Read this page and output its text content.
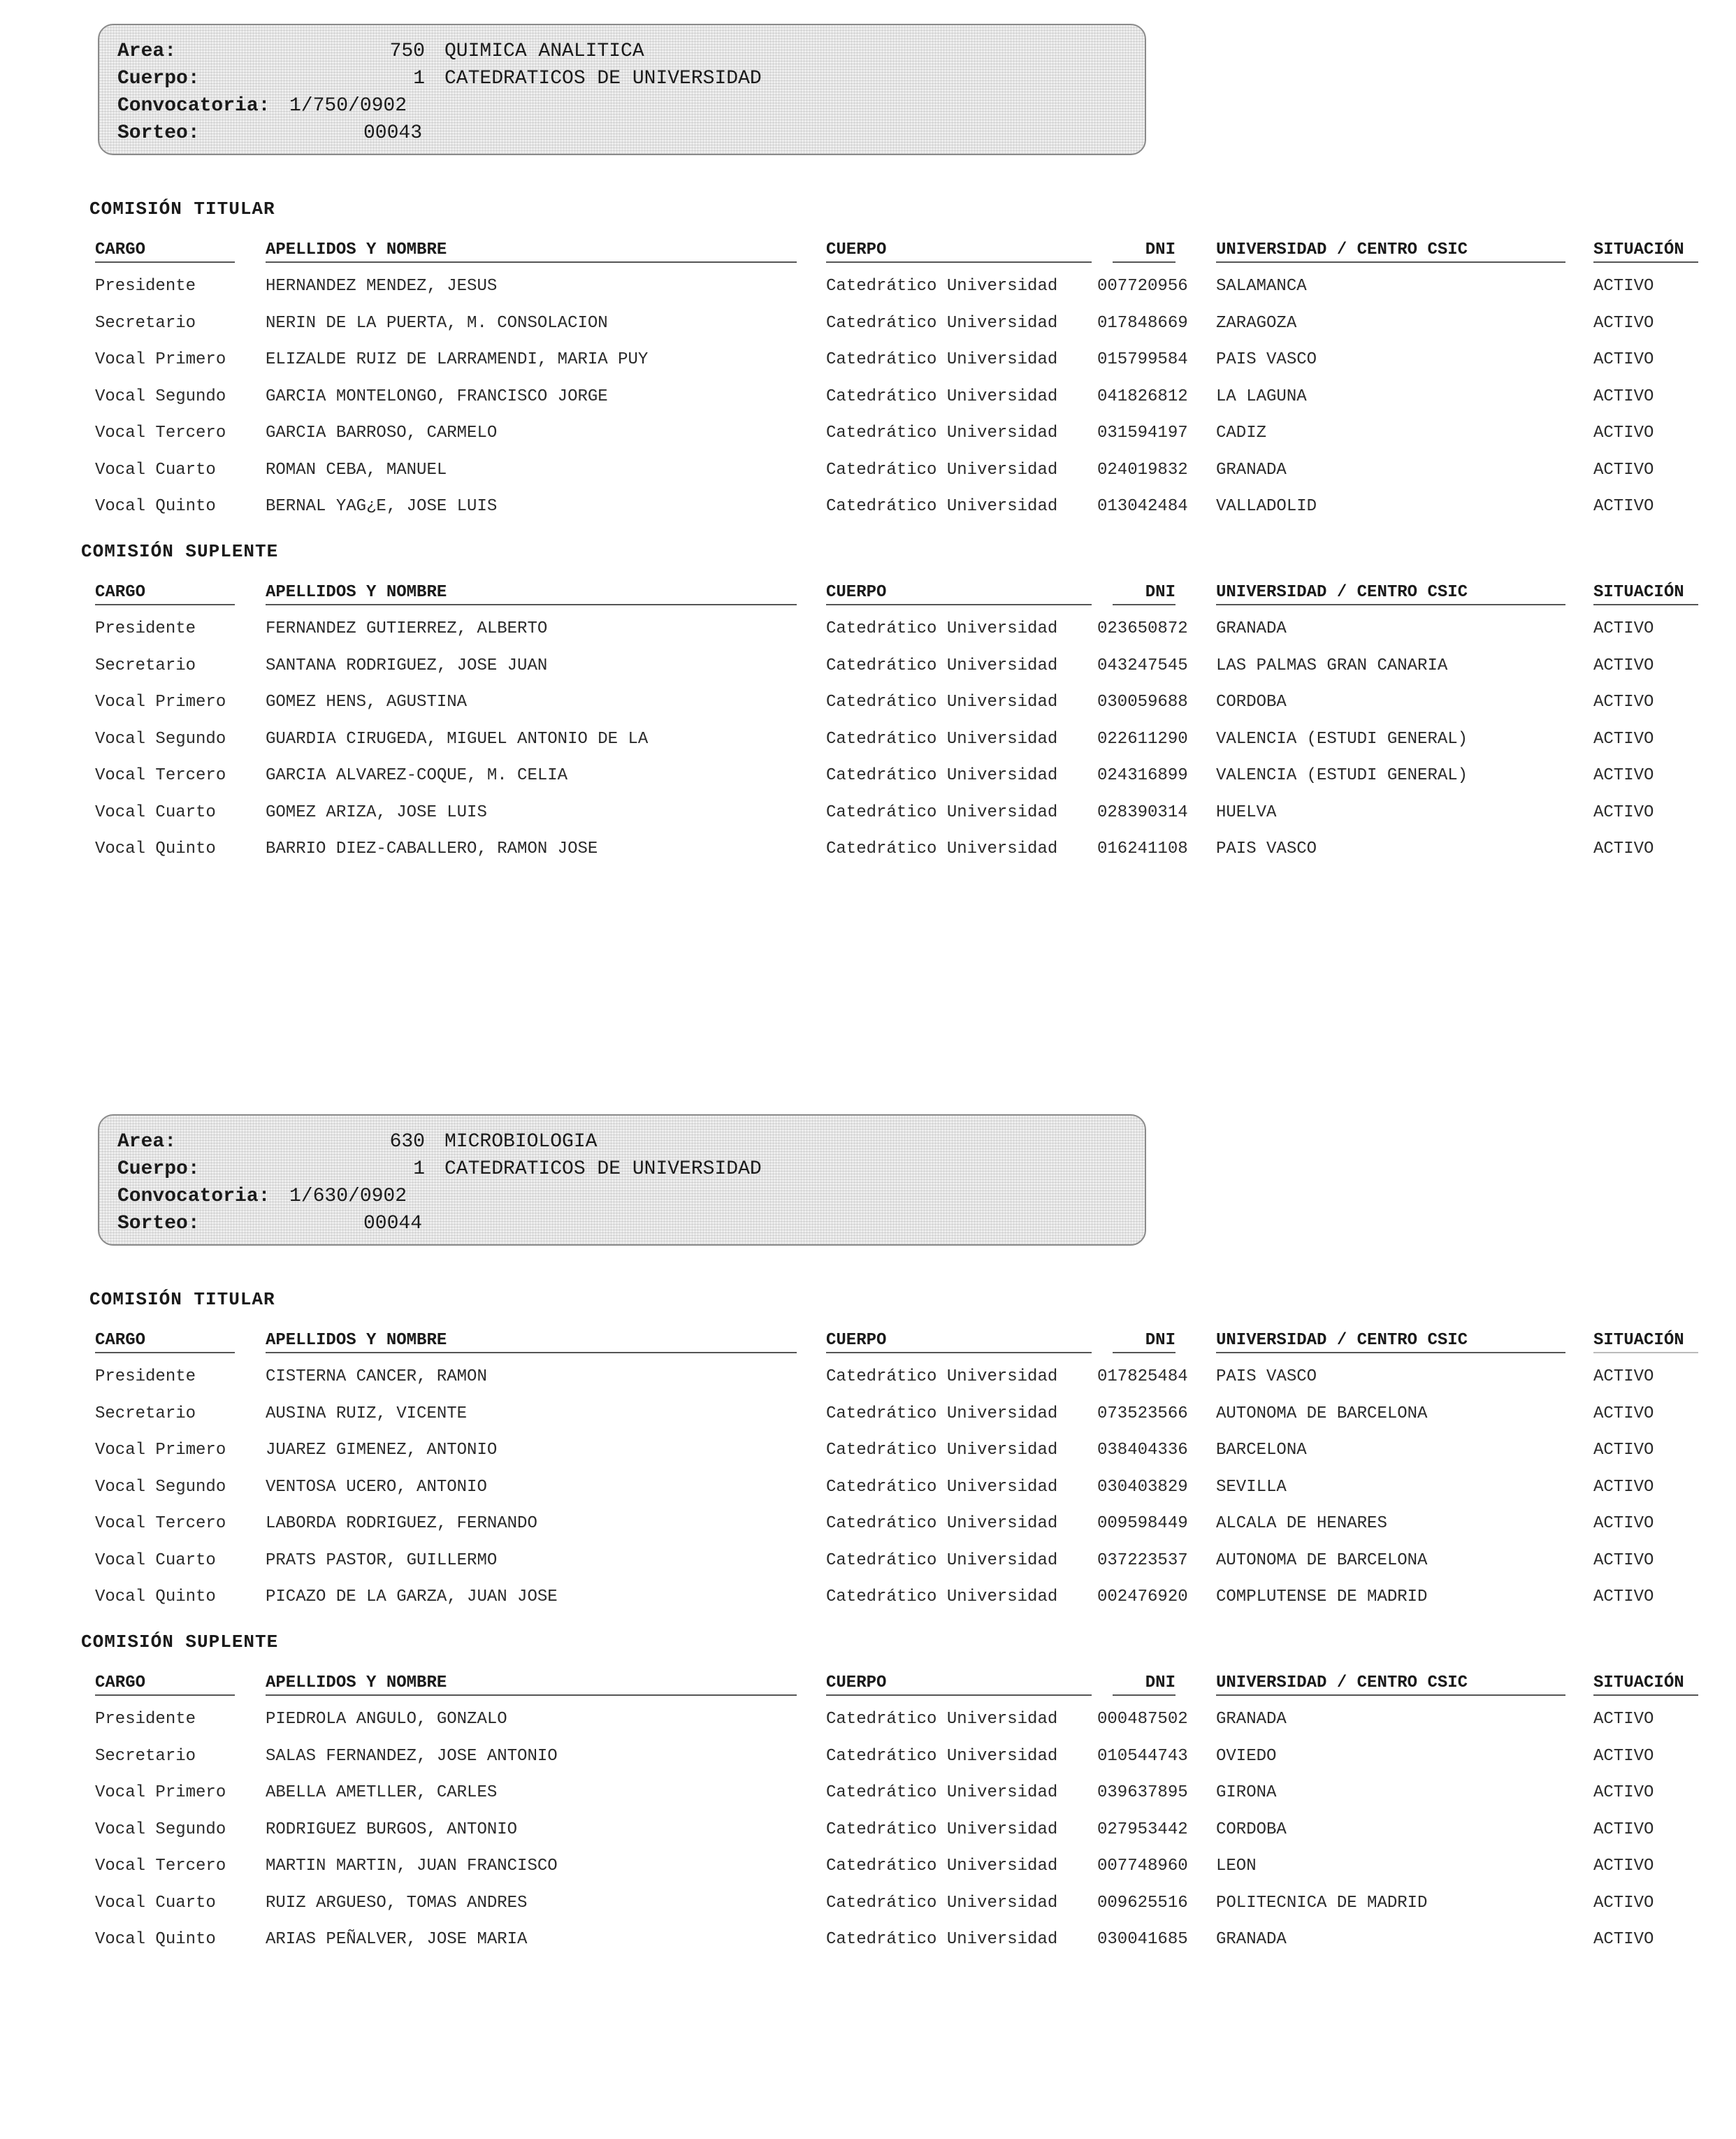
Area:	750 QUIMICA ANALITICA
Cuerpo:	1 CATEDRATICOS DE UNIVERSIDAD
Convocatoria: 1/750/0902
Sorteo:	00043
COMISIÓN TITULAR
CARGO	APELLIDOS Y NOMBRE	CUERPO	DNI UNIVERSIDAD / CENTRO CSIC	SITUACIÓN
Presidente	HERNANDEZ MENDEZ, JESUS	Catedrático Universidad 007720956 SALAMANCA	ACTIVO
Secretario	NERIN DE LA PUERTA, M. CONSOLACION	Catedrático Universidad 017848669 ZARAGOZA	ACTIVO
Vocal Primero ELIZALDE RUIZ DE LARRAMENDI, MARIA PUY	Catedrático Universidad 015799584 PAIS VASCO	ACTIVO
Vocal Segundo GARCIA MONTELONGO, FRANCISCO JORGE	Catedrático Universidad 041826812 LA LAGUNA	ACTIVO
Vocal Tercero GARCIA BARROSO, CARMELO	Catedrático Universidad 031594197 CADIZ	ACTIVO
Vocal Cuarto	ROMAN CEBA, MANUEL	Catedrático Universidad 024019832 GRANADA	ACTIVO
Vocal Quinto	BERNAL YAG¿E, JOSE LUIS	Catedrático Universidad 013042484 VALLADOLID	ACTIVO
COMISIÓN SUPLENTE
CARGO	APELLIDOS Y NOMBRE	CUERPO	DNI UNIVERSIDAD / CENTRO CSIC	SITUACIÓN
Presidente	FERNANDEZ GUTIERREZ, ALBERTO	Catedrático Universidad 023650872 GRANADA	ACTIVO
Secretario	SANTANA RODRIGUEZ, JOSE JUAN	Catedrático Universidad 043247545 LAS PALMAS GRAN CANARIA	ACTIVO
Vocal Primero GOMEZ HENS, AGUSTINA	Catedrático Universidad 030059688 CORDOBA	ACTIVO
Vocal Segundo GUARDIA CIRUGEDA, MIGUEL ANTONIO DE LA	Catedrático Universidad 022611290 VALENCIA (ESTUDI GENERAL)	ACTIVO
Vocal Tercero GARCIA ALVAREZ-COQUE, M. CELIA	Catedrático Universidad 024316899 VALENCIA (ESTUDI GENERAL)	ACTIVO
Vocal Cuarto	GOMEZ ARIZA, JOSE LUIS	Catedrático Universidad 028390314 HUELVA	ACTIVO
Vocal Quinto	BARRIO DIEZ-CABALLERO, RAMON JOSE	Catedrático Universidad 016241108 PAIS VASCO	ACTIVO
Area:	630 MICROBIOLOGIA
Cuerpo:	1 CATEDRATICOS DE UNIVERSIDAD
Convocatoria: 1/630/0902
Sorteo:	00044
COMISIÓN TITULAR
CARGO	APELLIDOS Y NOMBRE	CUERPO	DNI UNIVERSIDAD / CENTRO CSIC	SITUACIÓN
Presidente	CISTERNA CANCER, RAMON	Catedrático Universidad 017825484 PAIS VASCO	ACTIVO
Secretario	AUSINA RUIZ, VICENTE	Catedrático Universidad 073523566 AUTONOMA DE BARCELONA	ACTIVO
Vocal Primero JUAREZ GIMENEZ, ANTONIO	Catedrático Universidad 038404336 BARCELONA	ACTIVO
Vocal Segundo VENTOSA UCERO, ANTONIO	Catedrático Universidad 030403829 SEVILLA	ACTIVO
Vocal Tercero LABORDA RODRIGUEZ, FERNANDO	Catedrático Universidad 009598449 ALCALA DE HENARES	ACTIVO
Vocal Cuarto	PRATS PASTOR, GUILLERMO	Catedrático Universidad 037223537 AUTONOMA DE BARCELONA	ACTIVO
Vocal Quinto	PICAZO DE LA GARZA, JUAN JOSE	Catedrático Universidad 002476920 COMPLUTENSE DE MADRID	ACTIVO
COMISIÓN SUPLENTE
CARGO	APELLIDOS Y NOMBRE	CUERPO	DNI UNIVERSIDAD / CENTRO CSIC	SITUACIÓN
Presidente	PIEDROLA ANGULO, GONZALO	Catedrático Universidad 000487502 GRANADA	ACTIVO
Secretario	SALAS FERNANDEZ, JOSE ANTONIO	Catedrático Universidad 010544743 OVIEDO	ACTIVO
Vocal Primero ABELLA AMETLLER, CARLES	Catedrático Universidad 039637895 GIRONA	ACTIVO
Vocal Segundo RODRIGUEZ BURGOS, ANTONIO	Catedrático Universidad 027953442 CORDOBA	ACTIVO
Vocal Tercero MARTIN MARTIN, JUAN FRANCISCO	Catedrático Universidad 007748960 LEON	ACTIVO
Vocal Cuarto	RUIZ ARGUESO, TOMAS ANDRES	Catedrático Universidad 009625516 POLITECNICA DE MADRID	ACTIVO
Vocal Quinto	ARIAS PEÑALVER, JOSE MARIA	Catedrático Universidad 030041685 GRANADA	ACTIVO
